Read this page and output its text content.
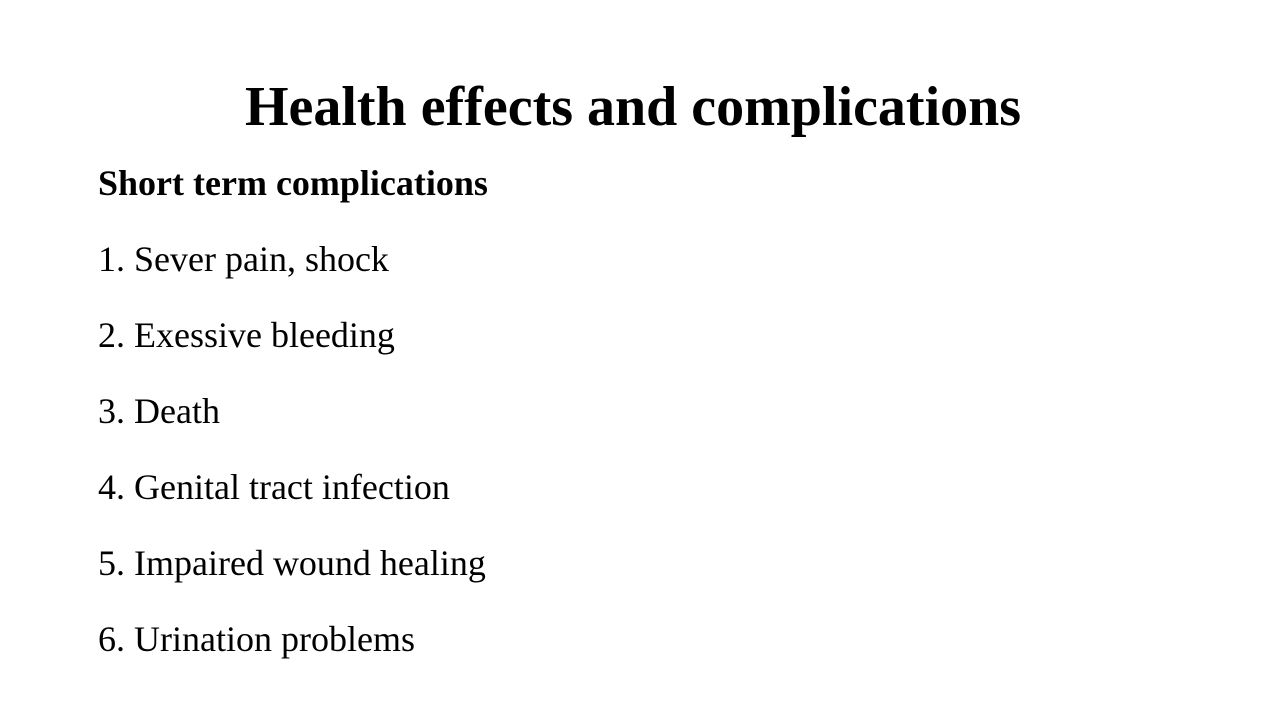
Health effects and complications
Short term complications
1. Sever pain, shock
2. Exessive bleeding
3. Death
4. Genital tract infection
5. Impaired wound healing
6. Urination problems
